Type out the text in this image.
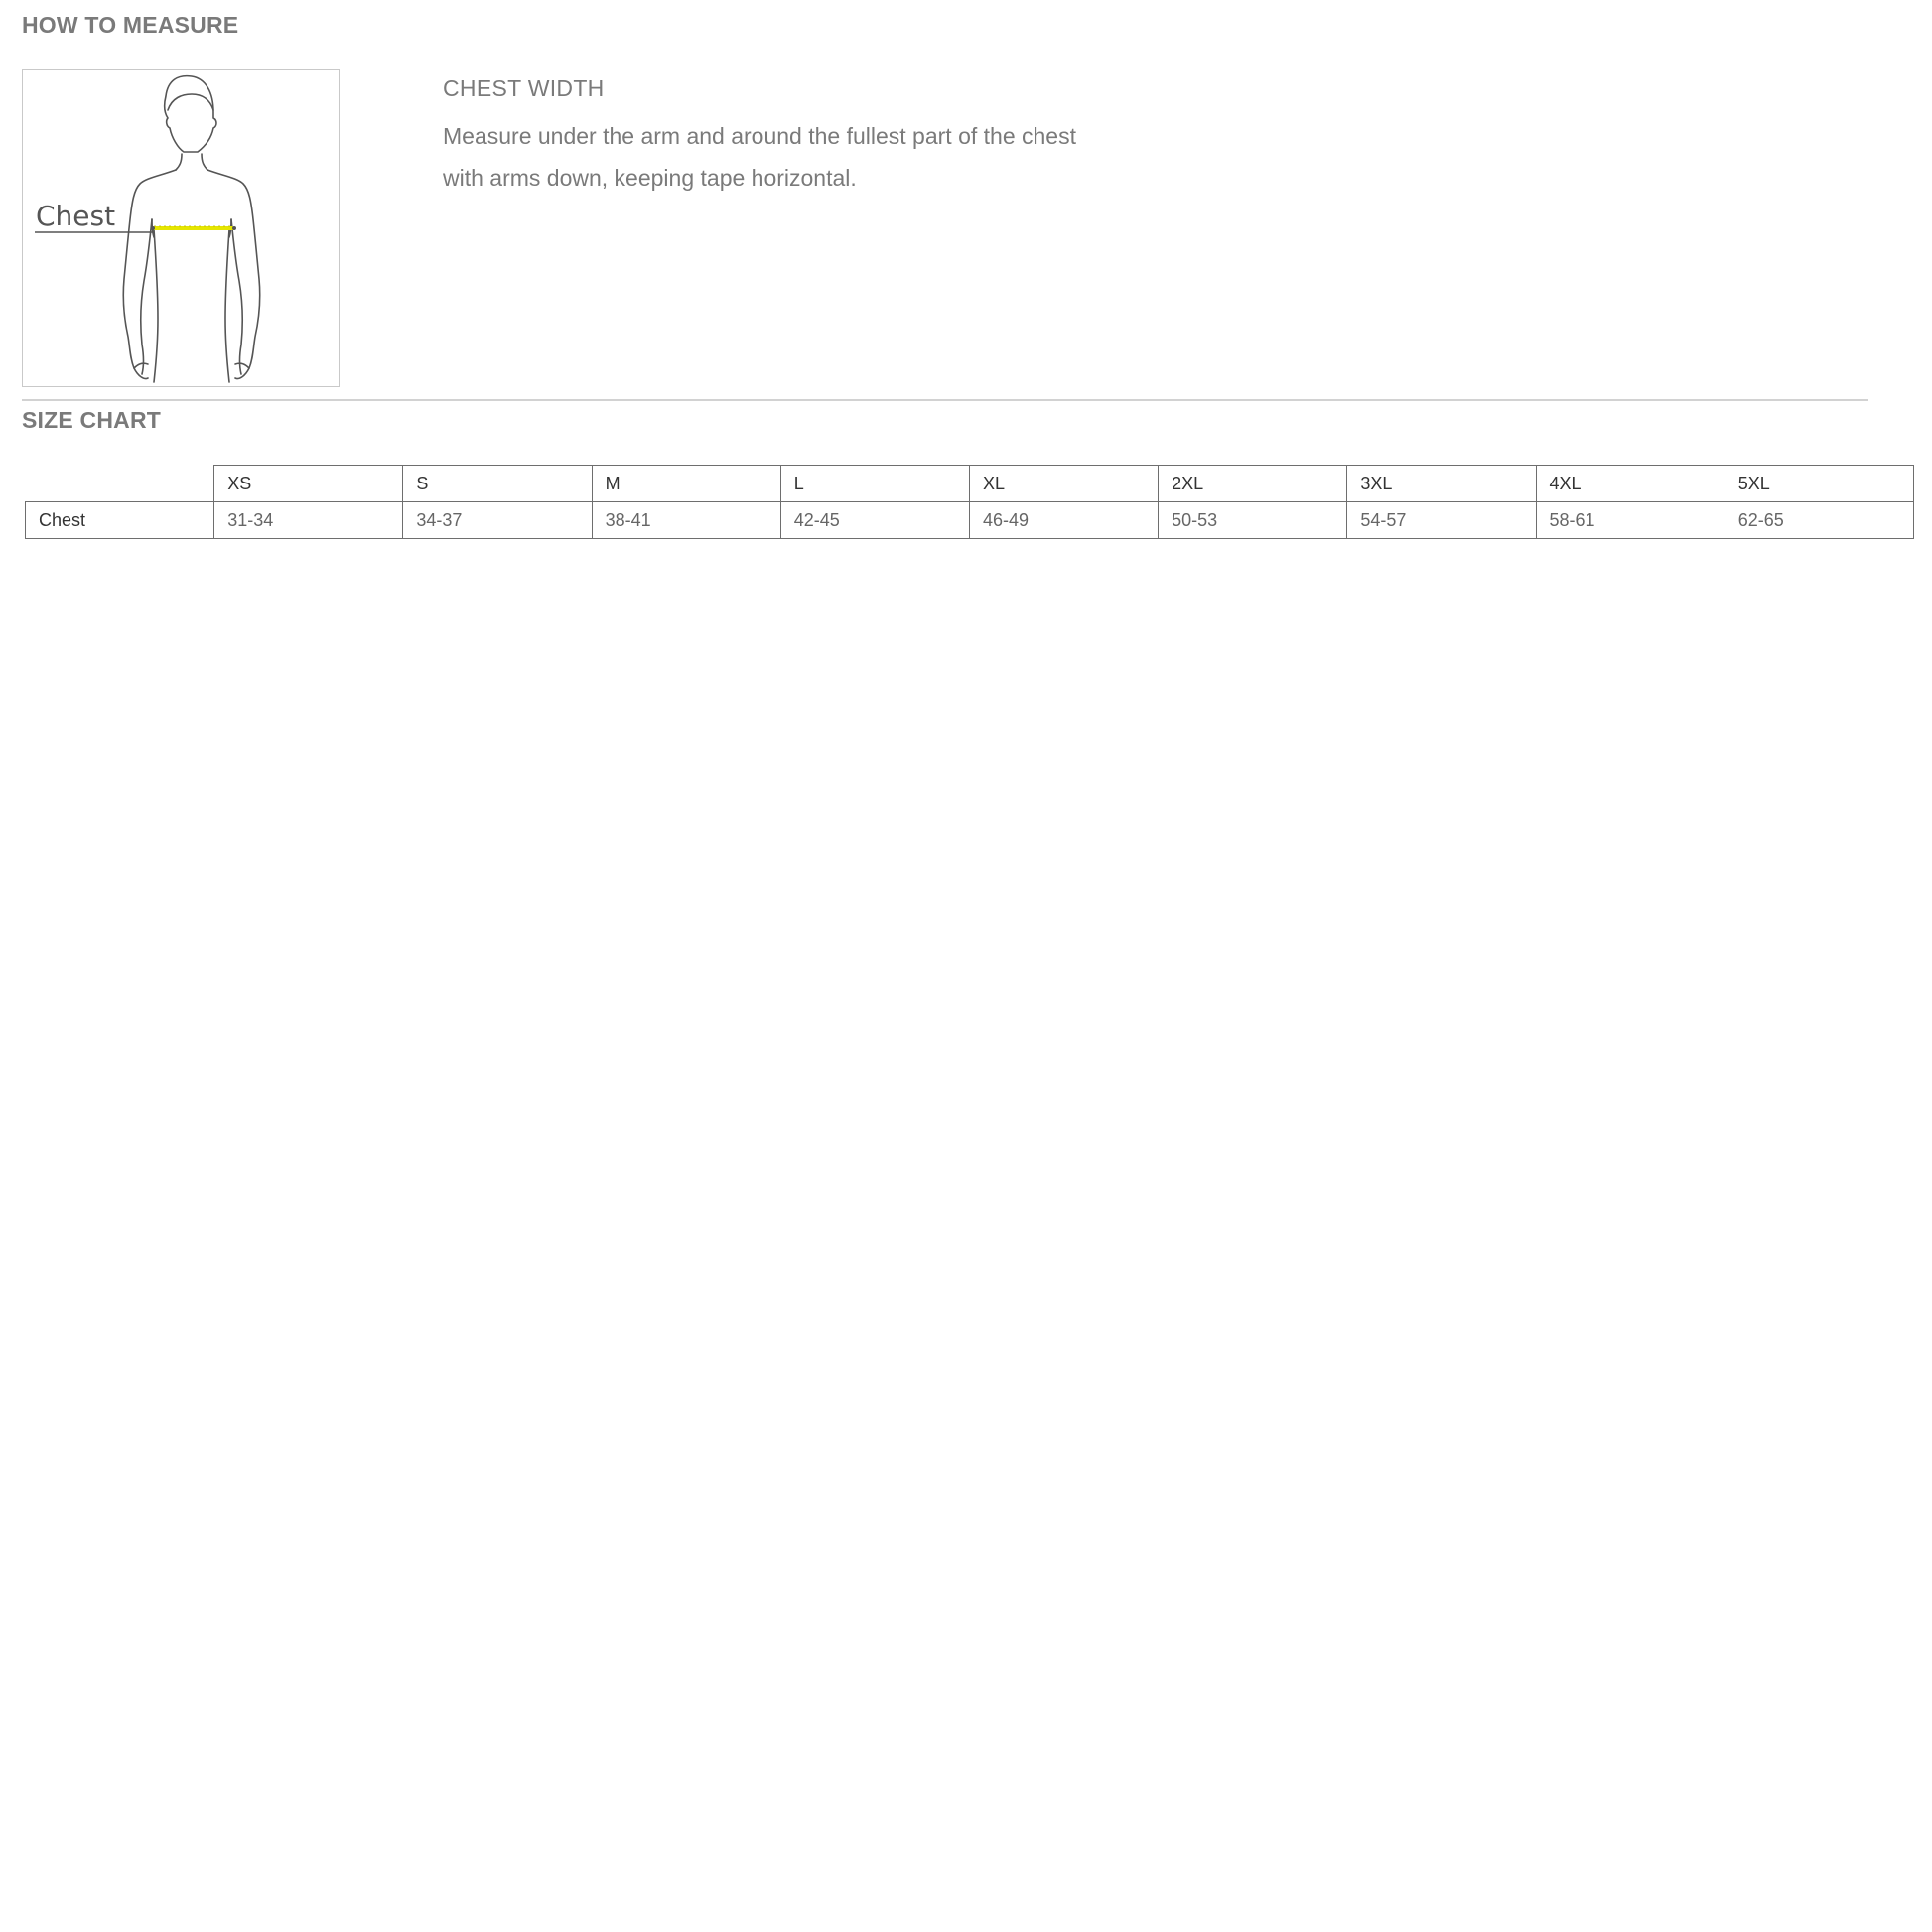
HOW TO MEASURE
Chest
CHEST WIDTH
Measure under the arm and around the fullest part of the chest
with arms down, keeping tape horizontal.
SIZE CHART
	XS	S	M	L	XL	2XL	3XL	4XL	5XL
Chest	31-34	34-37	38-41	42-45	46-49	50-53	54-57	58-61	62-65
